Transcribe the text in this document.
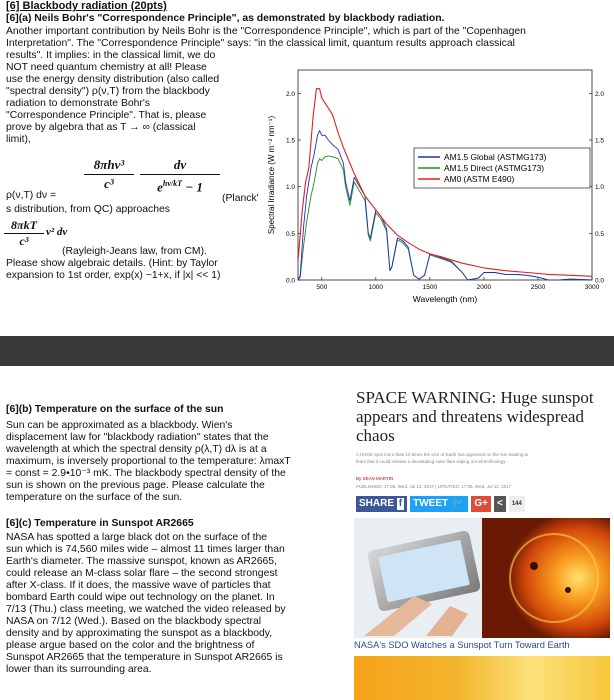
[6] Blackbody radiation (20pts)
[6](a) Neils Bohr's "Correspondence Principle", as demonstrated by blackbody radiation.
Another important contribution by Neils Bohr is the "Correspondence Principle", which is part of the "Copenhagen
Interpretation". The "Correspondence Principle" says: "in the classical limit, quantum results approach classical
results". It implies: in the classical limit, we do
NOT need quantum chemistry at all! Please
use the energy density distribution (also called
"spectral density") ρ(ν,T) from the blackbody
radiation to demonstrate Bohr's
"Correspondence Principle". That is, please
prove by algebra that as T → ∞ (classical
limit),
ρ(ν,T) dν =
8πhν³
c³
dν
$e^{h\nu/kT} - 1$
(Planck'
s distribution, from QC) approaches
8πkT
c³
ν² dν
(Rayleigh-Jeans law, from CM).
Please show algebraic details. (Hint: by Taylor
expansion to 1st order, exp(x) ~1+x, if |x| << 1)
500	1000	1500	2000	2500	3000
0.0	0.0
0.5	0.5
1.0	1.0
1.5	1.5
2.0	2.0
Wavelength (nm)
Spectral Irradiance (W m⁻² nm⁻¹)	AM1.5 Global (ASTMG173)
AM1.5 Direct (ASTMG173)
AM0 (ASTM E490)
[6](b) Temperature on the surface of the sun
Sun can be approximated as a blackbody. Wien's
displacement law for "blackbody radiation" states that the
wavelength at which the spectral density ρ(λ,T) dλ is at a
maximum, is inversely proportional to the temperature: λmaxT
= const = 2.9•10⁻³ mK. The blackbody spectral density of the
sun is shown on the previous page. Please calculate the
temperature on the surface of the sun.
[6](c) Temperature in Sunspot AR2665
NASA has spotted a large black dot on the surface of the
sun which is 74,560 miles wide – almost 11 times larger than
Earth's diameter. The massive sunspot, known as AR2665,
could release an M-class solar flare – the second strongest
after X-class. If it does, the massive wave of particles that
bombard Earth could wipe out technology on the planet. In
7/13 (Thu.) class meeting, we watched the video released by
NASA on 7/12 (Wed.). Based on the blackbody spectral
density and by approximating the sunspot as a blackbody,
please argue based on the color and the brightness of
Sunspot AR2665 that the temperature in Sunspot AR2665 is
lower than its surrounding area.
SPACE WARNING: Huge sunspot appears and threatens widespread chaos
A HUGE spot more than 10 times the size of Earth has appeared on the sun leading to
fears that it could release a devastating solar flare wiping out all technology
By SEAN MARTIN
PUBLISHED: 17:36, Wed, Jul 12, 2017 | UPDATED: 17:36, Wed, Jul 12, 2017
SHARE f	TWEET 🐦	G+ <	144
NASA's SDO Watches a Sunspot Turn Toward Earth
